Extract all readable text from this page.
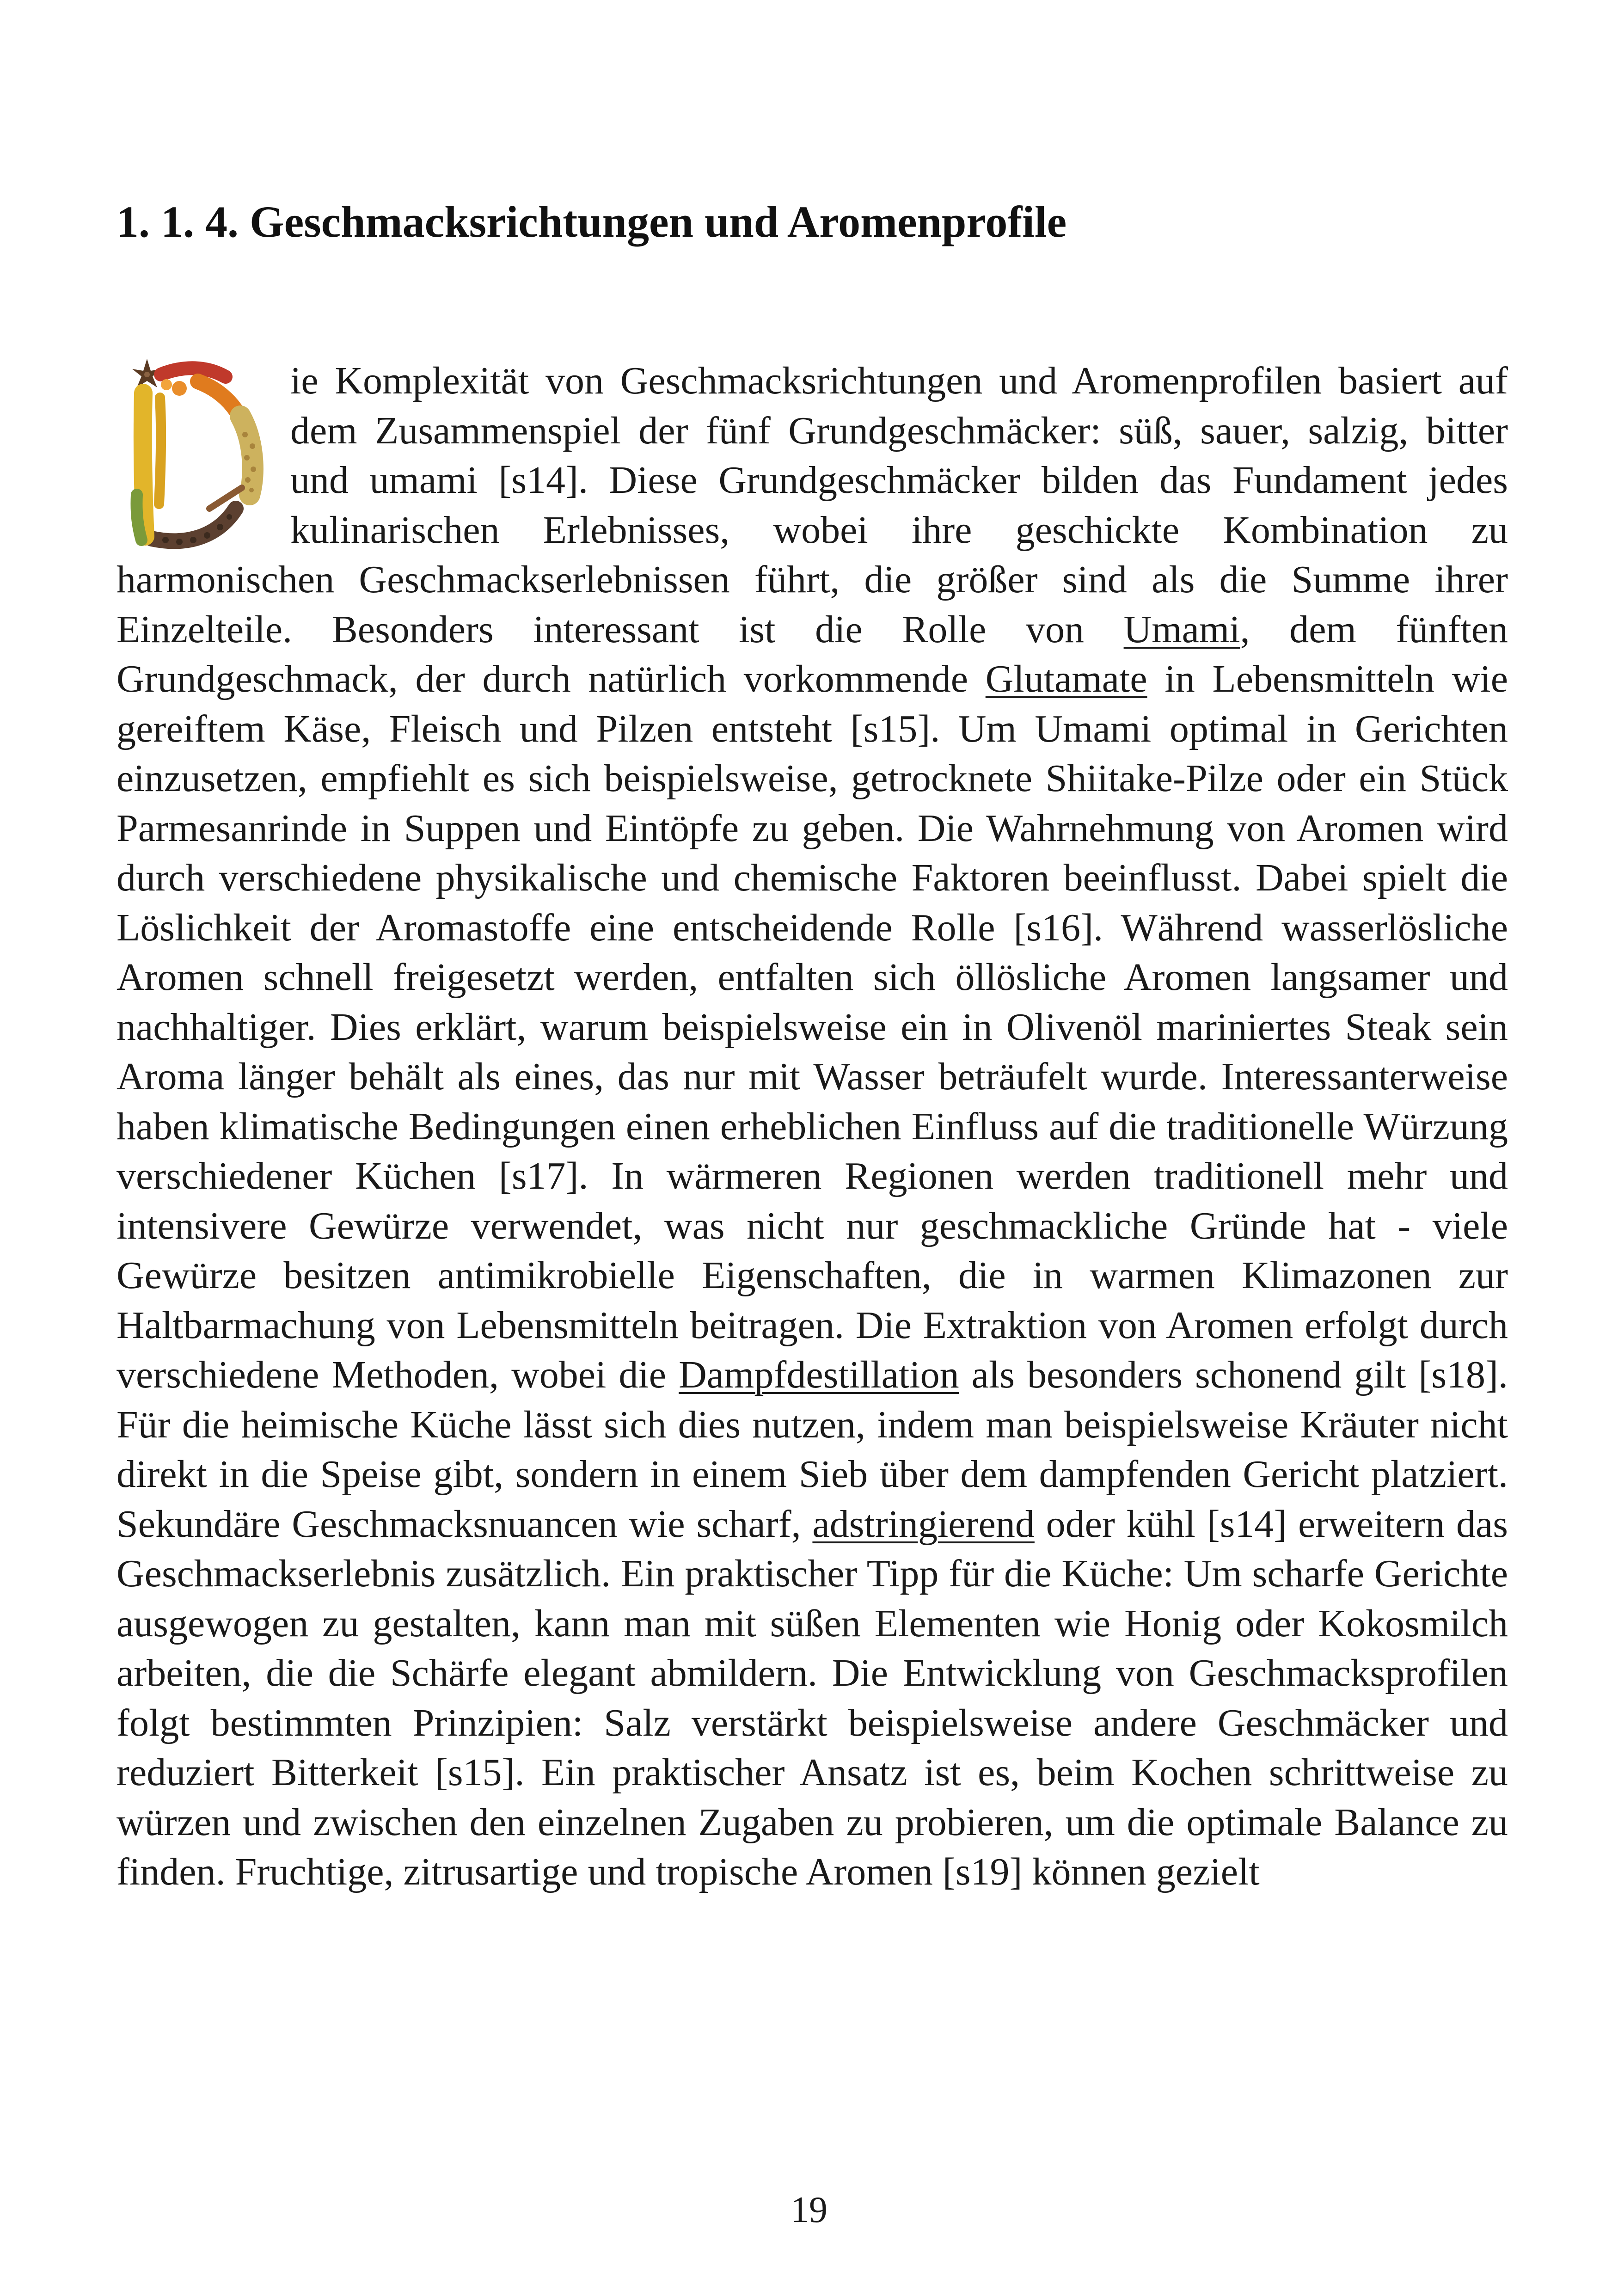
1. 1. 4. Geschmacksrichtungen und Aromenprofile

ie Komplexität von Geschmacksrichtungen und Aromenprofilen basiert auf dem Zusammenspiel der fünf Grundgeschmäcker: süß, sauer, salzig, bitter und umami [s14]. Diese Grundgeschmäcker bilden das Fundament jedes kulinarischen Erlebnisses, wobei ihre geschickte Kombination zu harmonischen Geschmackserlebnissen führt, die größer sind als die Summe ihrer Einzelteile. Besonders interessant ist die Rolle von Umami, dem fünften Grundgeschmack, der durch natürlich vorkommende Glutamate in Lebensmitteln wie gereiftem Käse, Fleisch und Pilzen entsteht [s15]. Um Umami optimal in Gerichten einzusetzen, empfiehlt es sich beispielsweise, getrocknete Shiitake-Pilze oder ein Stück Parmesanrinde in Suppen und Eintöpfe zu geben. Die Wahrnehmung von Aromen wird durch verschiedene physikalische und chemische Faktoren beeinflusst. Dabei spielt die Löslichkeit der Aromastoffe eine entscheidende Rolle [s16]. Während wasserlösliche Aromen schnell freigesetzt werden, entfalten sich öllösliche Aromen langsamer und nachhaltiger. Dies erklärt, warum beispielsweise ein in Olivenöl mariniertes Steak sein Aroma länger behält als eines, das nur mit Wasser beträufelt wurde. Interessanterweise haben klimatische Bedingungen einen erheblichen Einfluss auf die traditionelle Würzung verschiedener Küchen [s17]. In wärmeren Regionen werden traditionell mehr und intensivere Gewürze verwendet, was nicht nur geschmackliche Gründe hat - viele Gewürze besitzen antimikrobielle Eigenschaften, die in warmen Klimazonen zur Haltbarmachung von Lebensmitteln beitragen. Die Extraktion von Aromen erfolgt durch verschiedene Methoden, wobei die Dampfdestillation als besonders schonend gilt [s18]. Für die heimische Küche lässt sich dies nutzen, indem man beispielsweise Kräuter nicht direkt in die Speise gibt, sondern in einem Sieb über dem dampfenden Gericht platziert. Sekundäre Geschmacksnuancen wie scharf, adstringierend oder kühl [s14] erweitern das Geschmackserlebnis zusätzlich. Ein praktischer Tipp für die Küche: Um scharfe Gerichte ausgewogen zu gestalten, kann man mit süßen Elementen wie Honig oder Kokosmilch arbeiten, die die Schärfe elegant abmildern. Die Entwicklung von Geschmacksprofilen folgt bestimmten Prinzipien: Salz verstärkt beispielsweise andere Geschmäcker und reduziert Bitterkeit [s15]. Ein praktischer Ansatz ist es, beim Kochen schrittweise zu würzen und zwischen den einzelnen Zugaben zu probieren, um die optimale Balance zu finden. Fruchtige, zitrusartige und tropische Aromen [s19] können gezielt

19
